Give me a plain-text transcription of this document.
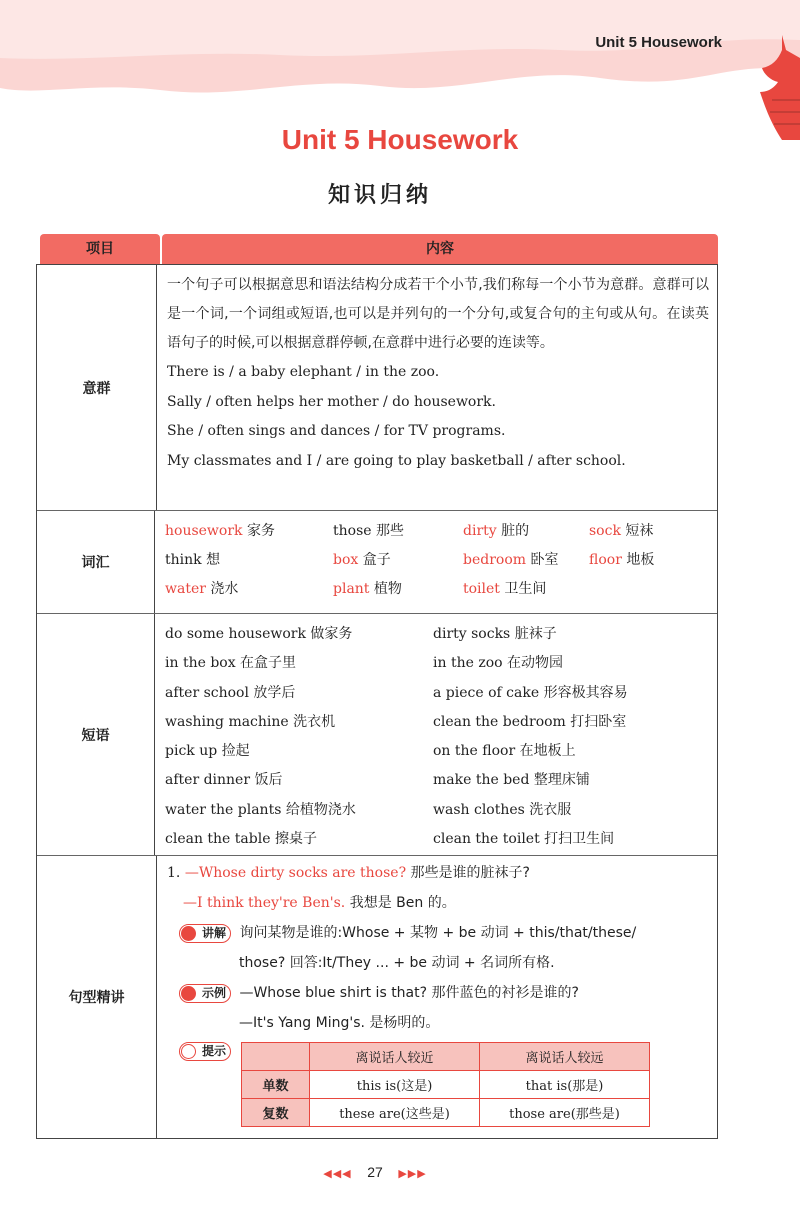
Unit 5 Housework
Unit 5 Housework
知识归纳
项目	内容
意群
一个句子可以根据意思和语法结构分成若干个小节,我们称每一个小节为意群。意群可以是一个词,一个词组或短语,也可以是并列句的一个分句,或复合句的主句或从句。在读英语句子的时候,可以根据意群停顿,在意群中进行必要的连读等。
There is / a baby elephant / in the zoo.
Sally / often helps her mother / do housework.
She / often sings and dances / for TV programs.
My classmates and I / are going to play basketball / after school.
词汇
housework 家务	those 那些	dirty 脏的	sock 短袜
think 想	box 盒子	bedroom 卧室	floor 地板
water 浇水	plant 植物	toilet 卫生间
短语
do some housework 做家务	dirty socks 脏袜子
in the box 在盒子里	in the zoo 在动物园
after school 放学后	a piece of cake 形容极其容易
washing machine 洗衣机	clean the bedroom 打扫卧室
pick up 捡起	on the floor 在地板上
after dinner 饭后	make the bed 整理床铺
water the plants 给植物浇水	wash clothes 洗衣服
clean the table 擦桌子	clean the toilet 打扫卫生间
句型精讲
1. —Whose dirty socks are those? 那些是谁的脏袜子?
—I think they're Ben's. 我想是 Ben 的。
讲解 询问某物是谁的:Whose + 某物 + be 动词 + this/that/these/
those? 回答:It/They ... + be 动词 + 名词所有格.
示例 —Whose blue shirt is that? 那件蓝色的衬衫是谁的?
—It's Yang Ming's. 是杨明的。
提示
		离说话人较近	离说话人较远
单数	this is(这是)	that is(那是)
复数	these are(这些是)	those are(那些是)
◀◀◀ 27 ▶▶▶
